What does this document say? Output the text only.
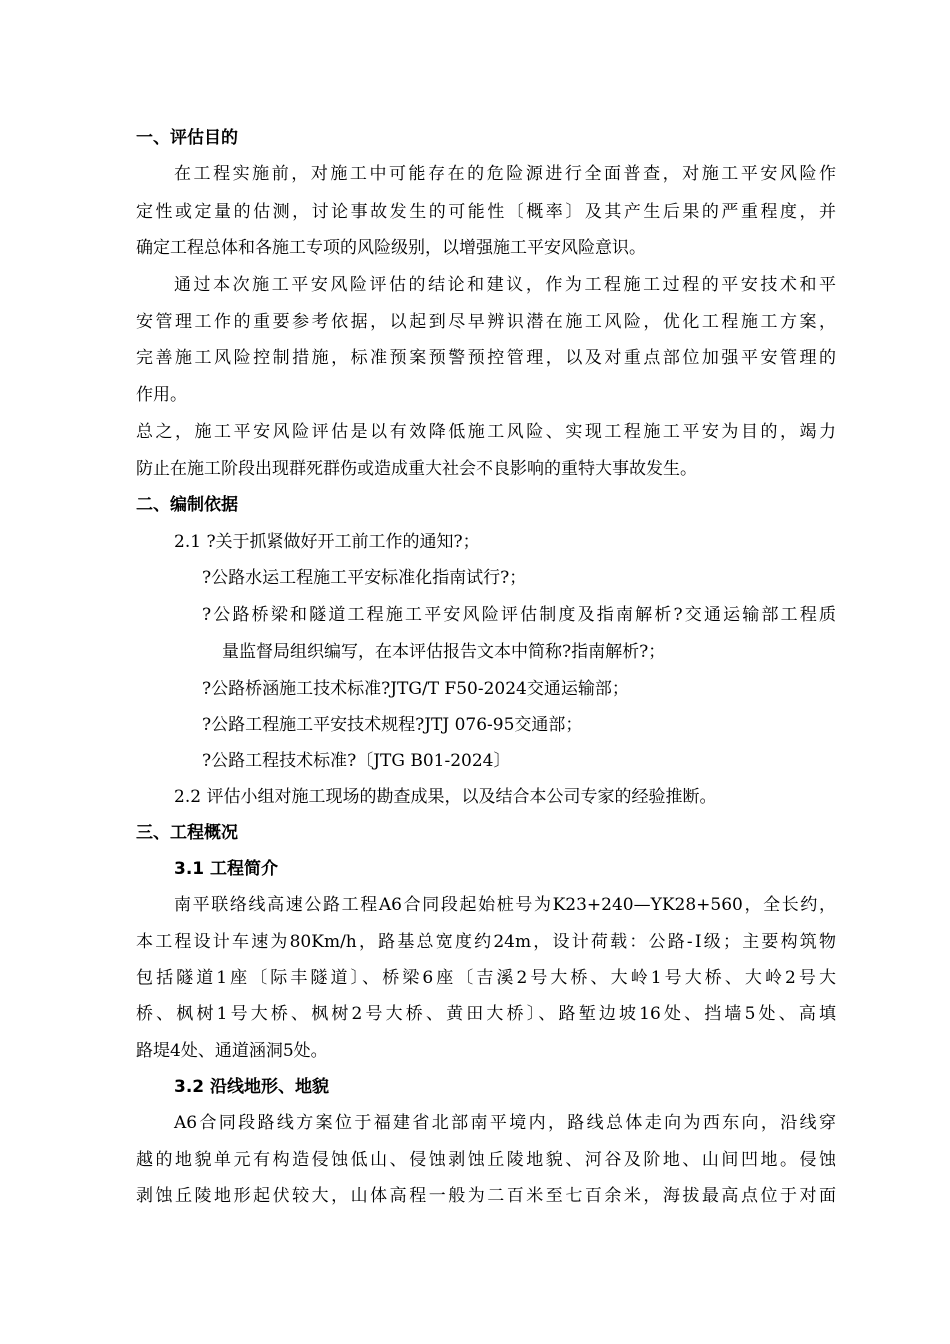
一、评估目的
在工程实施前，对施工中可能存在的危险源进行全面普查，对施工平安风险作
定性或定量的估测，讨论事故发生的可能性〔概率〕及其产生后果的严重程度，并
确定工程总体和各施工专项的风险级别，以增强施工平安风险意识。
通过本次施工平安风险评估的结论和建议，作为工程施工过程的平安技术和平
安管理工作的重要参考依据，以起到尽早辨识潜在施工风险，优化工程施工方案，
完善施工风险控制措施，标准预案预警预控管理，以及对重点部位加强平安管理的
作用。
总之，施工平安风险评估是以有效降低施工风险、实现工程施工平安为目的，竭力
防止在施工阶段出现群死群伤或造成重大社会不良影响的重特大事故发生。
二、编制依据
2.1 ?关于抓紧做好开工前工作的通知?；
?公路水运工程施工平安标准化指南试行?；
?公路桥梁和隧道工程施工平安风险评估制度及指南解析?交通运输部工程质
量监督局组织编写，在本评估报告文本中简称?指南解析?；
?公路桥涵施工技术标准?JTG/T F50-2024交通运输部；
?公路工程施工平安技术规程?JTJ 076-95交通部；
?公路工程技术标准?〔JTG B01-2024〕
2.2 评估小组对施工现场的勘查成果，以及结合本公司专家的经验推断。
三、工程概况
3.1 工程简介
南平联络线高速公路工程A6合同段起始桩号为K23+240—YK28+560，全长约，
本工程设计车速为80Km/h，路基总宽度约24m，设计荷载：公路-Ⅰ级；主要构筑物
包括隧道1座〔际丰隧道〕、桥梁6座〔吉溪2号大桥、大岭1号大桥、大岭2号大
桥、枫树1号大桥、枫树2号大桥、黄田大桥〕、路堑边坡16处、挡墙5处、高填
路堤4处、通道涵洞5处。
3.2 沿线地形、地貌
A6合同段路线方案位于福建省北部南平境内，路线总体走向为西东向，沿线穿
越的地貌单元有构造侵蚀低山、侵蚀剥蚀丘陵地貌、河谷及阶地、山间凹地。侵蚀
剥蚀丘陵地形起伏较大，山体高程一般为二百米至七百余米，海拔最高点位于对面
